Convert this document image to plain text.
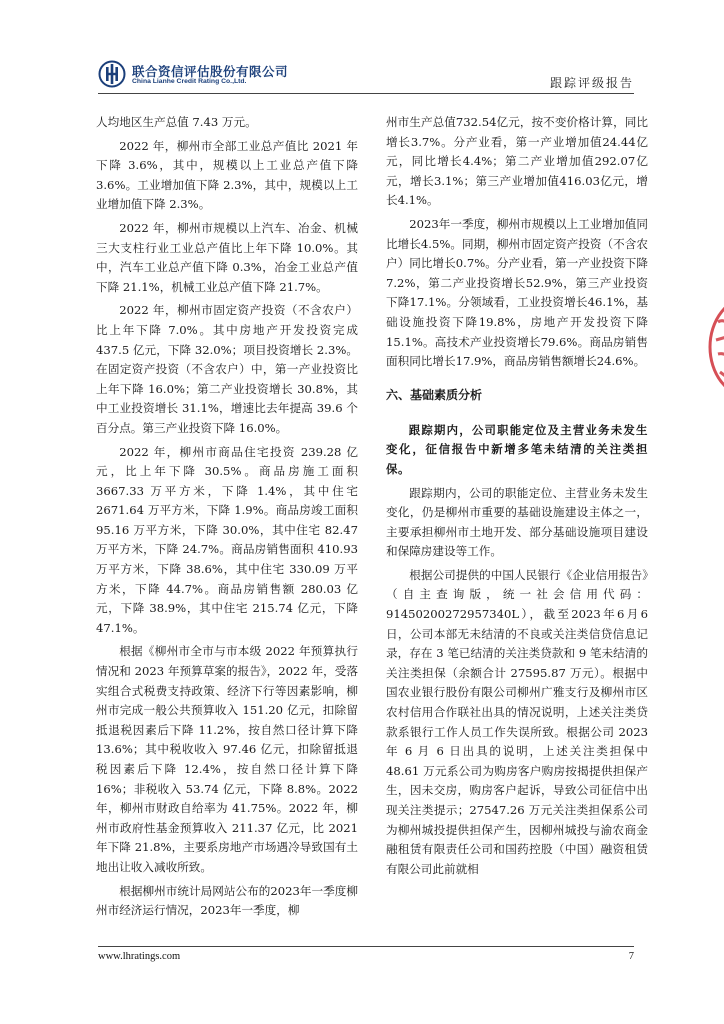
联合资信评估股份有限公司
China Lianhe Credit Rating Co.,Ltd.	跟踪评级报告

人均地区生产总值 7.43 万元。

2022 年，柳州市全部工业总产值比 2021 年下降 3.6%，其中，规模以上工业总产值下降 3.6%。工业增加值下降 2.3%，其中，规模以上工业增加值下降 2.3%。

2022 年，柳州市规模以上汽车、冶金、机械三大支柱行业工业总产值比上年下降 10.0%。其中，汽车工业总产值下降 0.3%，冶金工业总产值下降 21.1%，机械工业总产值下降 21.7%。

2022 年，柳州市固定资产投资（不含农户）比上年下降 7.0%。其中房地产开发投资完成 437.5 亿元，下降 32.0%；项目投资增长 2.3%。在固定资产投资（不含农户）中，第一产业投资比上年下降 16.0%；第二产业投资增长 30.8%，其中工业投资增长 31.1%，增速比去年提高 39.6 个百分点。第三产业投资下降 16.0%。

2022 年，柳州市商品住宅投资 239.28 亿元，比上年下降 30.5%。商品房施工面积 3667.33 万平方米，下降 1.4%，其中住宅 2671.64 万平方米，下降 1.9%。商品房竣工面积 95.16 万平方米，下降 30.0%，其中住宅 82.47 万平方米，下降 24.7%。商品房销售面积 410.93 万平方米，下降 38.6%，其中住宅 330.09 万平方米，下降 44.7%。商品房销售额 280.03 亿元，下降 38.9%，其中住宅 215.74 亿元，下降 47.1%。

根据《柳州市全市与市本级 2022 年预算执行情况和 2023 年预算草案的报告》，2022 年，受落实组合式税费支持政策、经济下行等因素影响，柳州市完成一般公共预算收入 151.20 亿元，扣除留抵退税因素后下降 11.2%，按自然口径计算下降 13.6%；其中税收收入 97.46 亿元，扣除留抵退税因素后下降 12.4%，按自然口径计算下降 16%；非税收入 53.74 亿元，下降 8.8%。2022 年，柳州市财政自给率为 41.75%。2022 年，柳州市政府性基金预算收入 211.37 亿元，比 2021 年下降 21.8%，主要系房地产市场遇冷导致国有土地出让收入减收所致。

根据柳州市统计局网站公布的2023年一季度柳州市经济运行情况，2023年一季度，柳

州市生产总值732.54亿元，按不变价格计算，同比增长3.7%。分产业看，第一产业增加值24.44亿元，同比增长4.4%；第二产业增加值292.07亿元，增长3.1%；第三产业增加值416.03亿元，增长4.1%。

2023年一季度，柳州市规模以上工业增加值同比增长4.5%。同期，柳州市固定资产投资（不含农户）同比增长0.7%。分产业看，第一产业投资下降7.2%，第二产业投资增长52.9%，第三产业投资下降17.1%。分领域看，工业投资增长46.1%，基础设施投资下降19.8%，房地产开发投资下降15.1%。高技术产业投资增长79.6%。商品房销售面积同比增长17.9%，商品房销售额增长24.6%。

六、基础素质分析

跟踪期内，公司职能定位及主营业务未发生变化，征信报告中新增多笔未结清的关注类担保。

跟踪期内，公司的职能定位、主营业务未发生变化，仍是柳州市重要的基础设施建设主体之一，主要承担柳州市土地开发、部分基础设施项目建设和保障房建设等工作。

根据公司提供的中国人民银行《企业信用报告》（自主查询版，统一社会信用代码：91450200272957340L），截至2023年6月6日，公司本部无未结清的不良或关注类信贷信息记录，存在 3 笔已结清的关注类贷款和 9 笔未结清的关注类担保（余额合计 27595.87 万元）。根据中国农业银行股份有限公司柳州广雅支行及柳州市区农村信用合作联社出具的情况说明，上述关注类贷款系银行工作人员工作失误所致。根据公司 2023 年 6 月 6 日出具的说明，上述关注类担保中 48.61 万元系公司为购房客户购房按揭提供担保产生，因未交房，购房客户起诉，导致公司征信中出现关注类提示；27547.26 万元关注类担保系公司为柳州城投提供担保产生，因柳州城投与渝农商金融租赁有限责任公司和国药控股（中国）融资租赁有限公司此前就相

www.lhratings.com	7
